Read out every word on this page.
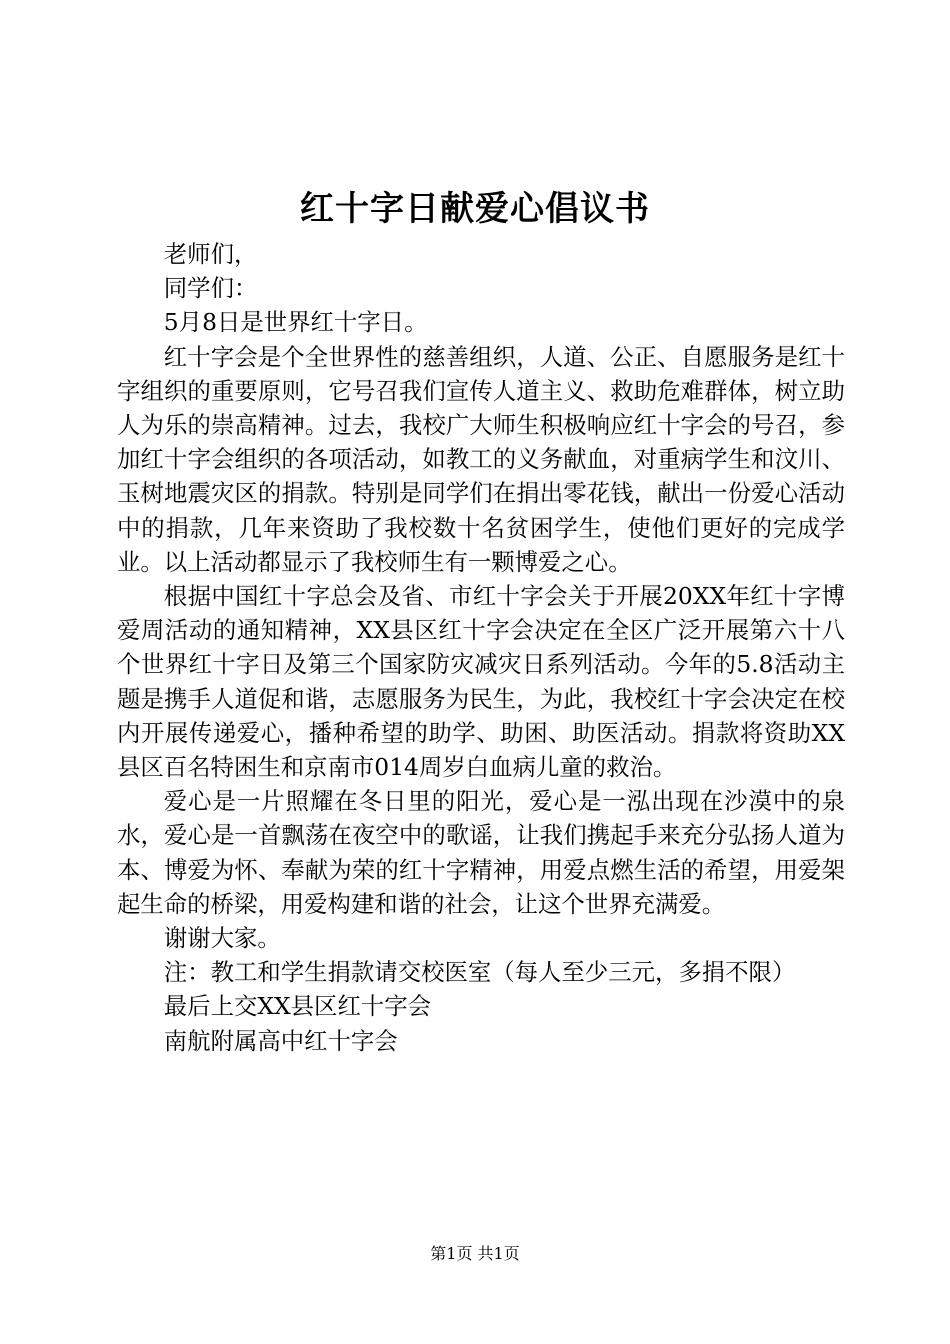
红十字日献爱心倡议书

老师们，

同学们：

5月8日是世界红十字日。

红十字会是个全世界性的慈善组织，人道、公正、自愿服务是红十字组织的重要原则，它号召我们宣传人道主义、救助危难群体，树立助人为乐的崇高精神。过去，我校广大师生积极响应红十字会的号召，参加红十字会组织的各项活动，如教工的义务献血，对重病学生和汶川、玉树地震灾区的捐款。特别是同学们在捐出零花钱，献出一份爱心活动中的捐款，几年来资助了我校数十名贫困学生，使他们更好的完成学业。以上活动都显示了我校师生有一颗博爱之心。

根据中国红十字总会及省、市红十字会关于开展20XX年红十字博爱周活动的通知精神，XX县区红十字会决定在全区广泛开展第六十八个世界红十字日及第三个国家防灾减灾日系列活动。今年的5.8活动主题是携手人道促和谐，志愿服务为民生，为此，我校红十字会决定在校内开展传递爱心，播种希望的助学、助困、助医活动。捐款将资助XX县区百名特困生和京南市014周岁白血病儿童的救治。

爱心是一片照耀在冬日里的阳光，爱心是一泓出现在沙漠中的泉水，爱心是一首飘荡在夜空中的歌谣，让我们携起手来充分弘扬人道为本、博爱为怀、奉献为荣的红十字精神，用爱点燃生活的希望，用爱架起生命的桥梁，用爱构建和谐的社会，让这个世界充满爱。

谢谢大家。

注：教工和学生捐款请交校医室（每人至少三元，多捐不限）

最后上交XX县区红十字会

南航附属高中红十字会

第1页 共1页
